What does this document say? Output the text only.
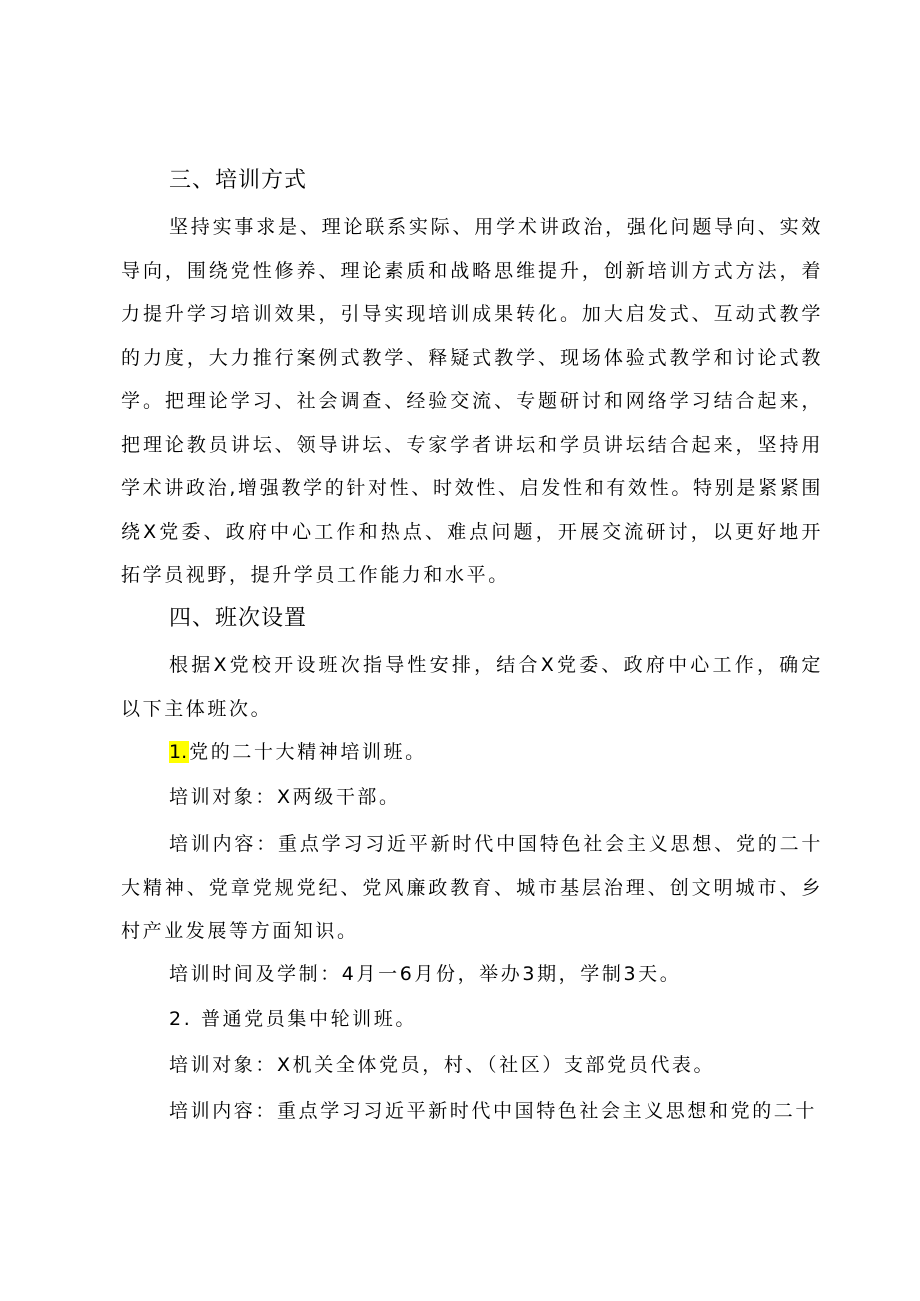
三、培训方式

坚持实事求是、理论联系实际、用学术讲政治，强化问题导向、实效导向，围绕党性修养、理论素质和战略思维提升，创新培训方式方法，着力提升学习培训效果，引导实现培训成果转化。加大启发式、互动式教学的力度，大力推行案例式教学、释疑式教学、现场体验式教学和讨论式教学。把理论学习、社会调查、经验交流、专题研讨和网络学习结合起来，把理论教员讲坛、领导讲坛、专家学者讲坛和学员讲坛结合起来，坚持用学术讲政治,增强教学的针对性、时效性、启发性和有效性。特别是紧紧围绕X党委、政府中心工作和热点、难点问题，开展交流研讨，以更好地开拓学员视野，提升学员工作能力和水平。

四、班次设置

根据X党校开设班次指导性安排，结合X党委、政府中心工作，确定以下主体班次。

1. 党的二十大精神培训班。
培训对象：X两级干部。

培训内容：重点学习习近平新时代中国特色社会主义思想、党的二十大精神、党章党规党纪、党风廉政教育、城市基层治理、创文明城市、乡村产业发展等方面知识。

培训时间及学制：4月一6月份，举办3期，学制3天。
2. 普通党员集中轮训班。
培训对象：X机关全体党员，村、（社区）支部党员代表。
培训内容：重点学习习近平新时代中国特色社会主义思想和党的二十
